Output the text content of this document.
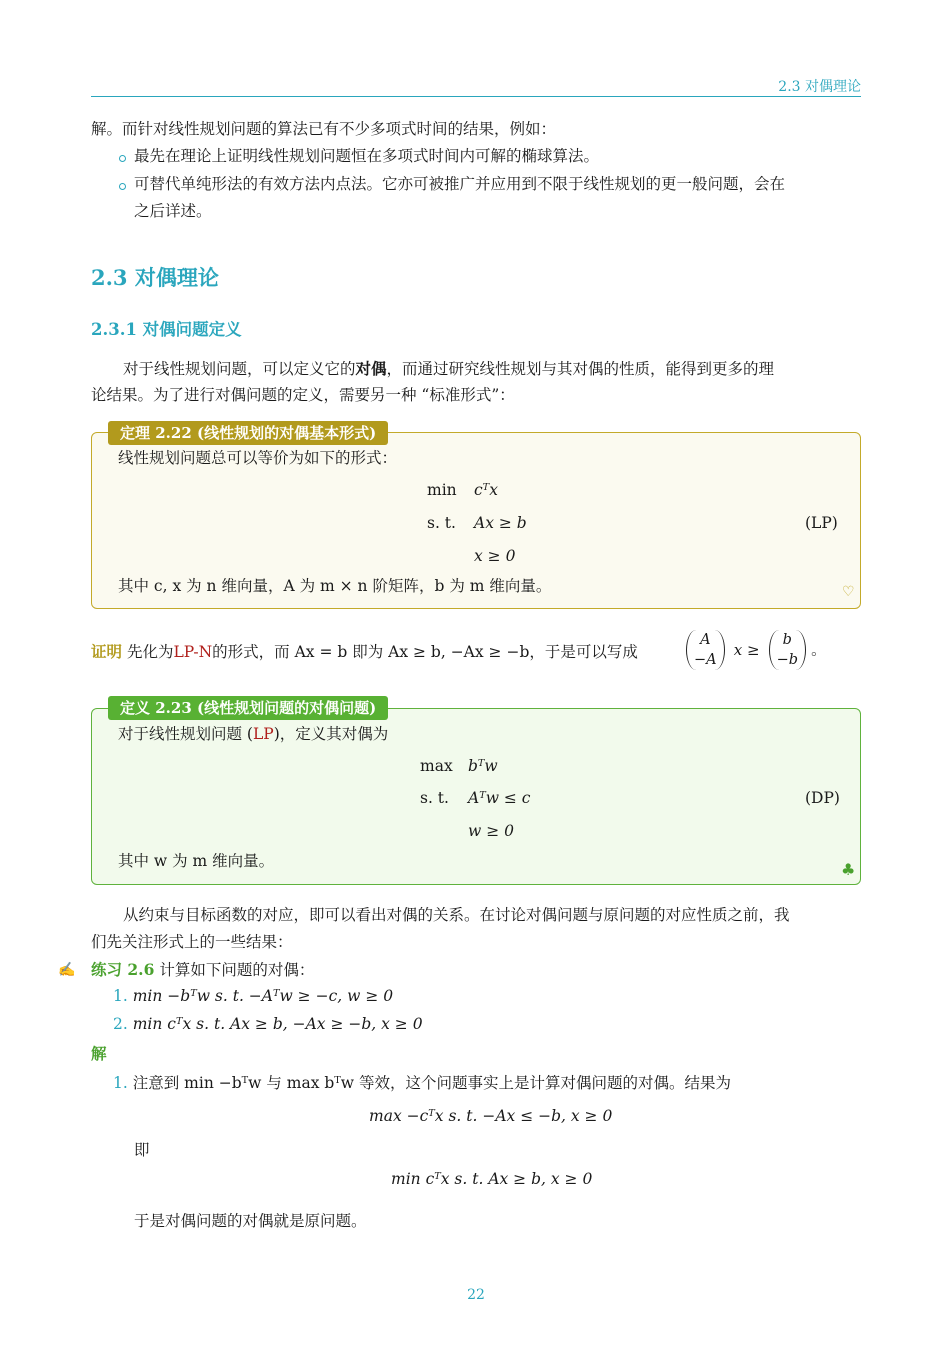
2.3 对偶理论
解。而针对线性规划问题的算法已有不少多项式时间的结果，例如：
最先在理论上证明线性规划问题恒在多项式时间内可解的椭球算法。
可替代单纯形法的有效方法内点法。它亦可被推广并应用到不限于线性规划的更一般问题，会在
之后详述。
2.3 对偶理论
2.3.1 对偶问题定义
对于线性规划问题，可以定义它的对偶，而通过研究线性规划与其对偶的性质，能得到更多的理
论结果。为了进行对偶问题的定义，需要另一种 “标准形式”：
定理 2.22 (线性规划的对偶基本形式)
线性规划问题总可以等价为如下的形式：
min cᵀx
s. t. Ax ≥ b
x ≥ 0
(LP)
其中 c, x 为 n 维向量，A 为 m × n 阶矩阵，b 为 m 维向量。	♡
证明 先化为LP-N的形式，而 Ax = b 即为 Ax ≥ b, −Ax ≥ −b，于是可以写成
A
−A
x ≥
b
−b
。
定义 2.23 (线性规划问题的对偶问题)
对于线性规划问题 (LP)，定义其对偶为
max bᵀw
s. t. Aᵀw ≤ c
w ≥ 0
(DP)
其中 w 为 m 维向量。	♣
从约束与目标函数的对应，即可以看出对偶的关系。在讨论对偶问题与原问题的对应性质之前，我
们先关注形式上的一些结果：
✍ 练习 2.6 计算如下问题的对偶：
1. min −bᵀw s. t. −Aᵀw ≥ −c, w ≥ 0
2. min cᵀx s. t. Ax ≥ b, −Ax ≥ −b, x ≥ 0
解
1. 注意到 min −bᵀw 与 max bᵀw 等效，这个问题事实上是计算对偶问题的对偶。结果为
max −cᵀx s. t. −Ax ≤ −b, x ≥ 0
即
min cᵀx s. t. Ax ≥ b, x ≥ 0
于是对偶问题的对偶就是原问题。
22
